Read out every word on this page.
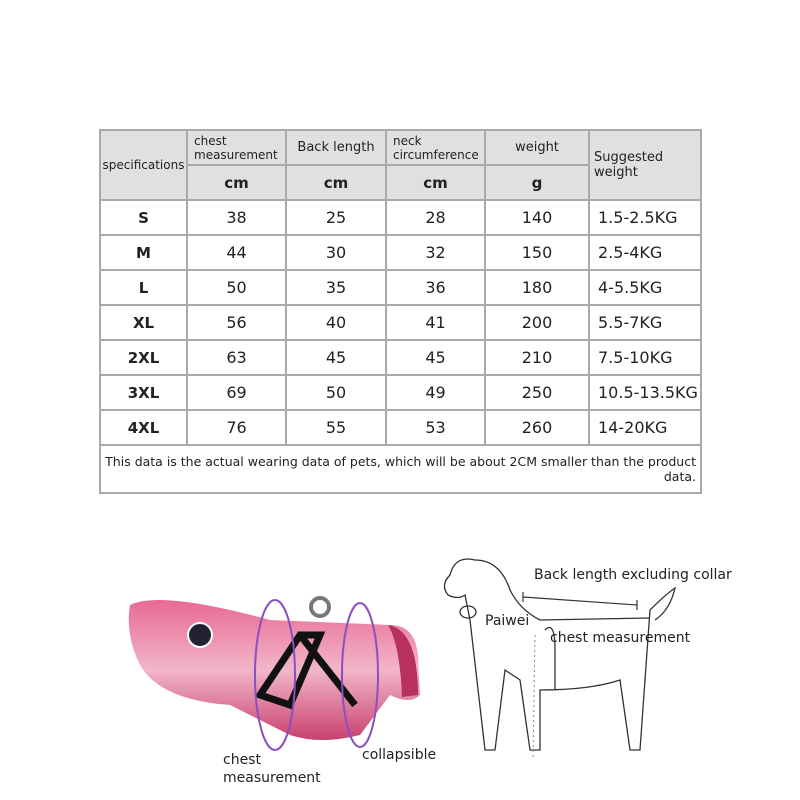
specifications	chest measurement	Back length	neck circumference	weight	Suggested weight
	cm	cm	cm	g	
S	38	25	28	140	1.5-2.5KG
M	44	30	32	150	2.5-4KG
L	50	35	36	180	4-5.5KG
XL	56	40	41	200	5.5-7KG
2XL	63	45	45	210	7.5-10KG
3XL	69	50	49	250	10.5-13.5KG
4XL	76	55	53	260	14-20KG
This data is the actual wearing data of pets, which will be about 2CM smaller than the product data.					
chest measurement
collapsible
Back length excluding collar
Paiwei
chest measurement
